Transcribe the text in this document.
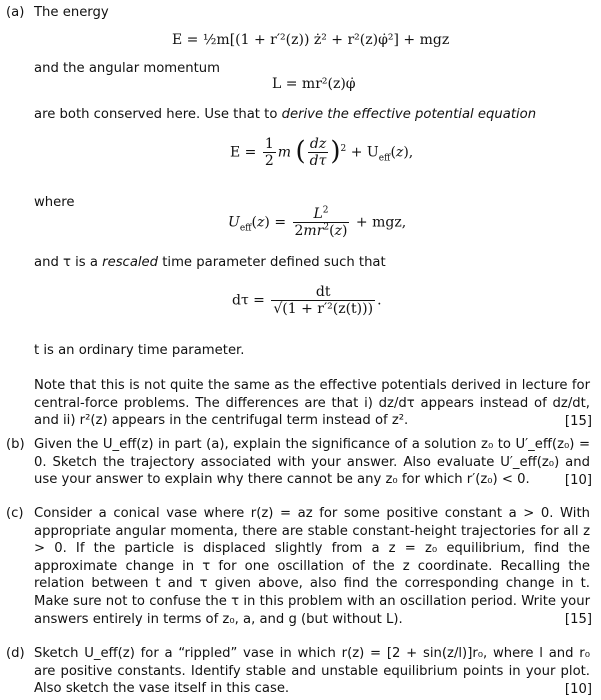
(a) The energy
E = ½m[(1 + r′²(z)) ż² + r²(z)φ̇²] + mgz
and the angular momentum
L = mr²(z)φ̇
are both conserved here. Use that to derive the effective potential equation
$E = \frac{1}{2}$ m ( $\frac{dz}{d\tau} )^2 + U_{eff}(z)$,
where
$U_{eff}(z) = \frac{L^2}{2mr^2(z)}$ + mgz,
and τ is a rescaled time parameter defined such that
$d\tau = \frac{dt}{\text{√(1 + r′²(z(t)))}}$ .
t is an ordinary time parameter.
Note that this is not quite the same as the effective potentials derived in lecture for central-force problems. The differences are that i) dz/dτ appears instead of dz/dt, and ii) r²(z) appears in the centrifugal term instead of z².	[15]
(b) Given the U_eff(z) in part (a), explain the significance of a solution z₀ to U′_eff(z₀) = 0. Sketch the trajectory associated with your answer. Also evaluate U′_eff(z₀) and use your answer to explain why there cannot be any z₀ for which r′(z₀) < 0.	[10]
(c) Consider a conical vase where r(z) = az for some positive constant a > 0. With appropriate angular momenta, there are stable constant-height trajectories for all z > 0. If the particle is displaced slightly from a z = z₀ equilibrium, find the approximate change in τ for one oscillation of the z coordinate. Recalling the relation between t and τ given above, also find the corresponding change in t. Make sure not to confuse the τ in this problem with an oscillation period. Write your answers entirely in terms of z₀, a, and g (but without L).	[15]
(d) Sketch U_eff(z) for a “rippled” vase in which r(z) = [2 + sin(z/l)]r₀, where l and r₀ are positive constants. Identify stable and unstable equilibrium points in your plot. Also sketch the vase itself in this case.	[10]
